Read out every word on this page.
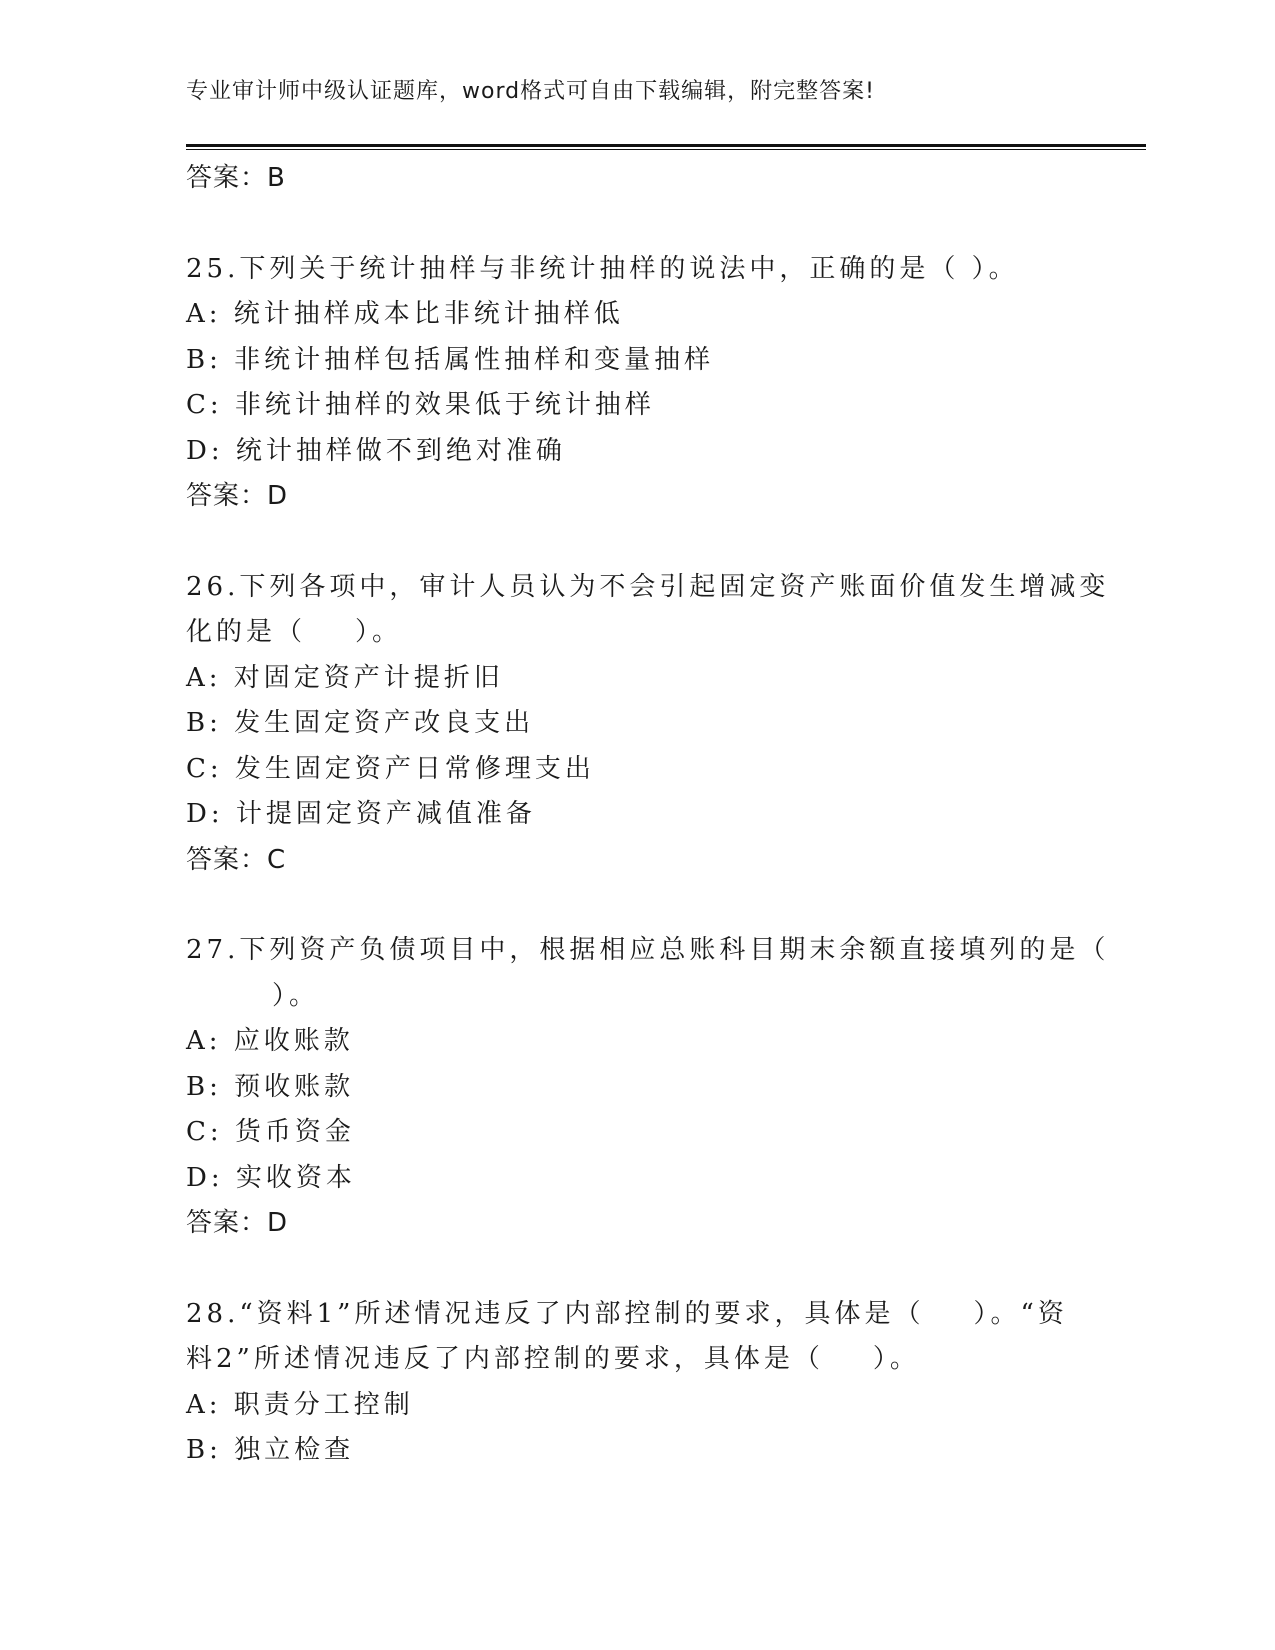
专业审计师中级认证题库，word格式可自由下载编辑，附完整答案!
答案：B
25.下列关于统计抽样与非统计抽样的说法中，正确的是（ ）。
A: 统计抽样成本比非统计抽样低
B: 非统计抽样包括属性抽样和变量抽样
C: 非统计抽样的效果低于统计抽样
D: 统计抽样做不到绝对准确
答案：D
26.下列各项中，审计人员认为不会引起固定资产账面价值发生增减变
化的是（    ）。
A: 对固定资产计提折旧
B: 发生固定资产改良支出
C: 发生固定资产日常修理支出
D: 计提固定资产减值准备
答案：C
27.下列资产负债项目中，根据相应总账科目期末余额直接填列的是（
）。
A: 应收账款
B: 预收账款
C: 货币资金
D: 实收资本
答案：D
28.“资料1”所述情况违反了内部控制的要求，具体是（    ）。“资
料2”所述情况违反了内部控制的要求，具体是（    ）。
A: 职责分工控制
B: 独立检查
